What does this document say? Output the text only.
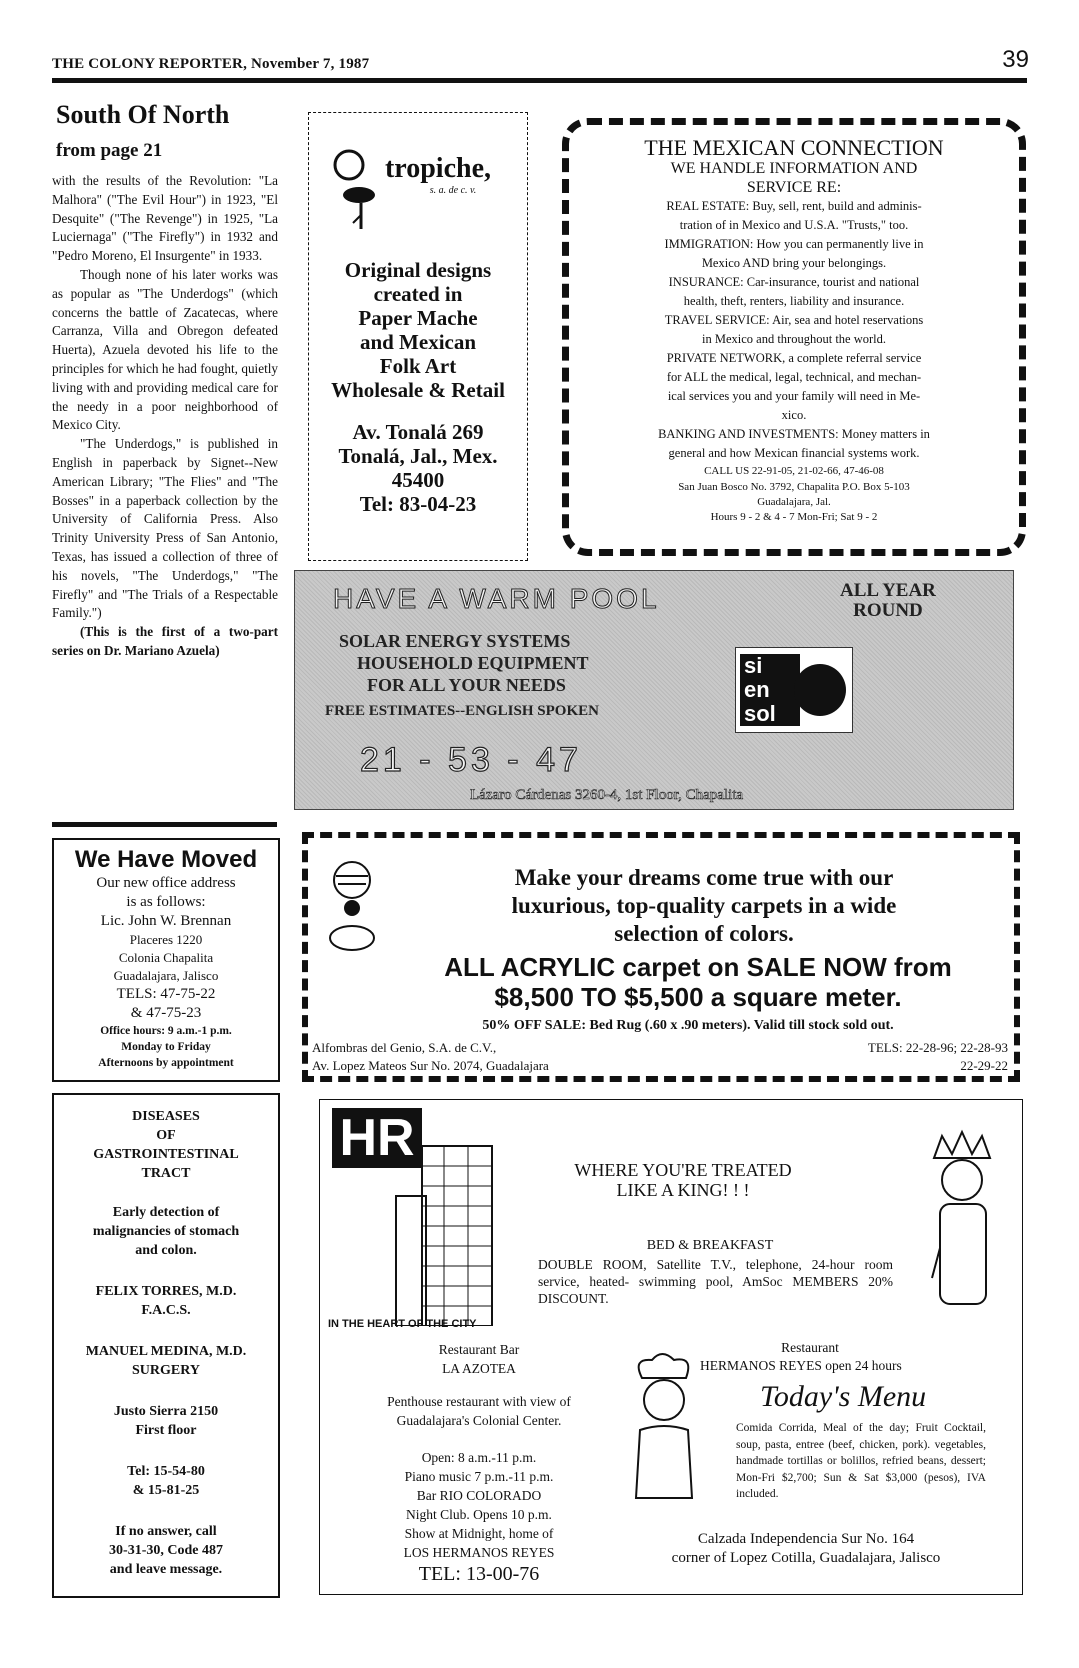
THE COLONY REPORTER, November 7, 1987	39
South Of North
from page 21

with the results of the Revolution: "La Malhora" ("The Evil Hour") in 1923, "El Desquite" ("The Revenge") in 1925, "La Luciernaga" ("The Firefly") in 1932 and "Pedro Moreno, El Insurgente" in 1933.

Though none of his later works was as popular as "The Underdogs" (which concerns the battle of Zacatecas, where Carranza, Villa and Obregon defeated Huerta), Azuela devoted his life to the principles for which he had fought, quietly living with and providing medical care for the needy in a poor neighborhood of Mexico City.

"The Underdogs," is published in English in paperback by Signet--New American Library; "The Flies" and "The Bosses" in a paperback collection by the University of California Press. Also Trinity University Press of San Antonio, Texas, has issued a collection of three of his novels, "The Underdogs," "The Firefly" and "The Trials of a Respectable Family.")

(This is the first of a two-part series on Dr. Mariano Azuela)

We Have Moved
Our new office address
is as follows:
Lic. John W. Brennan
Placeres 1220
Colonia Chapalita
Guadalajara, Jalisco
TELS: 47-75-22
& 47-75-23
Office hours: 9 a.m.-1 p.m.
Monday to Friday
Afternoons by appointment
DISEASES
OF
GASTROINTESTINAL
TRACT
Early detection of
malignancies of stomach
and colon.
FELIX TORRES, M.D.
F.A.C.S.
MANUEL MEDINA, M.D.
SURGERY
Justo Sierra 2150
First floor
Tel: 15-54-80
& 15-81-25
If no answer, call
30-31-30, Code 487
and leave message.
tropiche,
s. a. de c. v.
Original designs
created in
Paper Mache
and Mexican
Folk Art
Wholesale & Retail
Av. Tonalá 269
Tonalá, Jal., Mex.
45400
Tel: 83-04-23
THE MEXICAN CONNECTION
WE HANDLE INFORMATION AND
SERVICE RE:
REAL ESTATE: Buy, sell, rent, build and adminis-
tration of in Mexico and U.S.A. "Trusts," too.
IMMIGRATION: How you can permanently live in
Mexico AND bring your belongings.
INSURANCE: Car-insurance, tourist and national
health, theft, renters, liability and insurance.
TRAVEL SERVICE: Air, sea and hotel reservations
in Mexico and throughout the world.
PRIVATE NETWORK, a complete referral service
for ALL the medical, legal, technical, and mechan-
ical services you and your family will need in Me-
xico.
BANKING AND INVESTMENTS: Money matters in
general and how Mexican financial systems work.
CALL US 22-91-05, 21-02-66, 47-46-08
San Juan Bosco No. 3792, Chapalita P.O. Box 5-103
Guadalajara, Jal.
Hours 9 - 2 & 4 - 7 Mon-Fri; Sat 9 - 2
HAVE A WARM POOL	ALL YEAR
ROUND
SOLAR ENERGY SYSTEMS
HOUSEHOLD EQUIPMENT
FOR ALL YOUR NEEDS
FREE ESTIMATES--ENGLISH SPOKEN
si
en
sol
21 - 53 - 47
Lázaro Cárdenas 3260-4, 1st Floor, Chapalita
Make your dreams come true with our
luxurious, top-quality carpets in a wide
selection of colors.
ALL ACRYLIC carpet on SALE NOW from
$8,500 TO $5,500 a square meter.
50% OFF SALE: Bed Rug (.60 x .90 meters). Valid till stock sold out.
Alfombras del Genio, S.A. de C.V.,
Av. Lopez Mateos Sur No. 2074, Guadalajara
TELS: 22-28-96; 22-28-93
22-29-22
HR
IN THE HEART OF THE CITY
WHERE YOU'RE TREATED
LIKE A KING! ! !
BED & BREAKFAST
DOUBLE ROOM, Satellite T.V., telephone, 24-hour room service, heated- swimming pool, AmSoc MEMBERS 20% DISCOUNT.
Restaurant Bar
LA AZOTEA
Penthouse restaurant with view of
Guadalajara's Colonial Center.
Open: 8 a.m.-11 p.m.
Piano music 7 p.m.-11 p.m.
Bar RIO COLORADO
Night Club. Opens 10 p.m.
Show at Midnight, home of
LOS HERMANOS REYES
TEL: 13-00-76
Restaurant
HERMANOS REYES open 24 hours
Today's Menu
Comida Corrida, Meal of the day; Fruit Cocktail, soup, pasta, entree (beef, chicken, pork). vegetables, handmade tortillas or bolillos, refried beans, dessert; Mon-Fri $2,700; Sun & Sat $3,000 (pesos), IVA included.
Calzada Independencia Sur No. 164
corner of Lopez Cotilla, Guadalajara, Jalisco
